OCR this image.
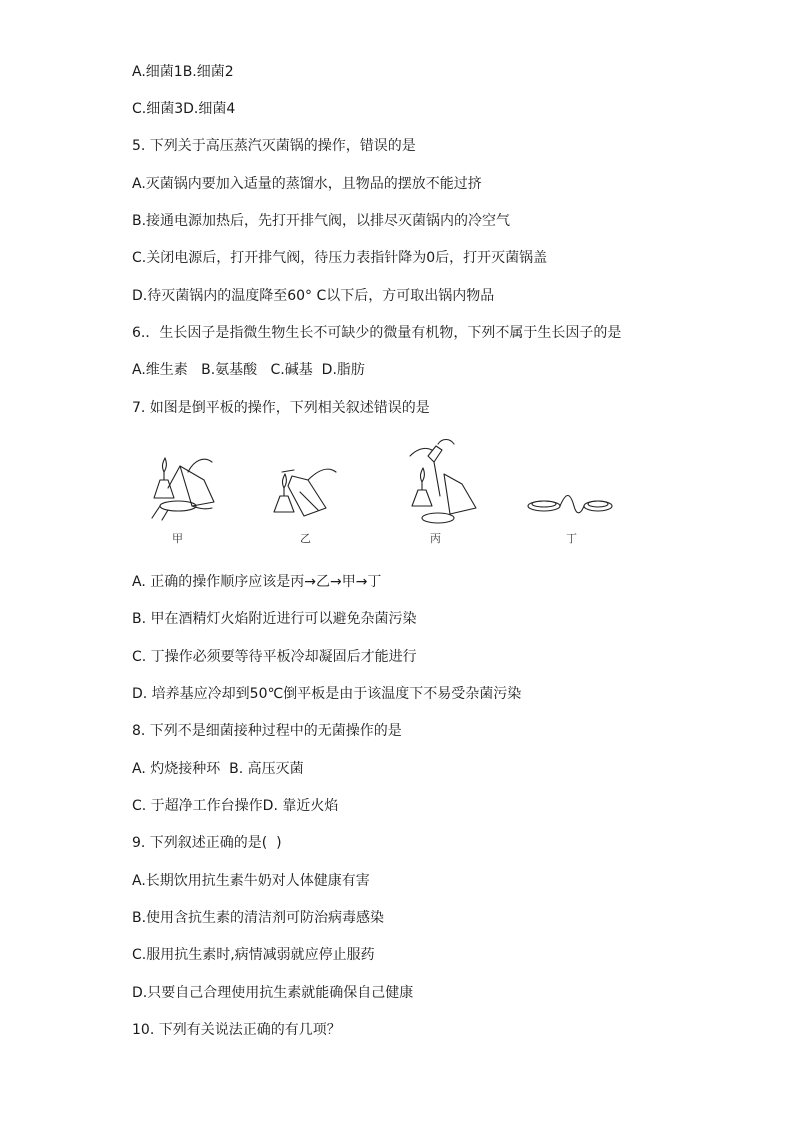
A.细菌1B.细菌2
C.细菌3D.细菌4
5. 下列关于高压蒸汽灭菌锅的操作，错误的是
A.灭菌锅内要加入适量的蒸馏水，且物品的摆放不能过挤
B.接通电源加热后，先打开排气阀，以排尽灭菌锅内的冷空气
C.关闭电源后，打开排气阀，待压力表指针降为0后，打开灭菌锅盖
D.待灭菌锅内的温度降至60° C以下后，方可取出锅内物品
6.．生长因子是指微生物生长不可缺少的微量有机物，下列不属于生长因子的是
A.维生素   B.氨基酸   C.碱基  D.脂肪
7. 如图是倒平板的操作，下列相关叙述错误的是
甲	乙	丙	丁
A. 正确的操作顺序应该是丙→乙→甲→丁
B. 甲在酒精灯火焰附近进行可以避免杂菌污染
C. 丁操作必须要等待平板冷却凝固后才能进行
D. 培养基应冷却到50℃倒平板是由于该温度下不易受杂菌污染
8. 下列不是细菌接种过程中的无菌操作的是
A. 灼烧接种环  B. 高压灭菌
C. 于超净工作台操作D. 靠近火焰
9. 下列叙述正确的是(  )
A.长期饮用抗生素牛奶对人体健康有害
B.使用含抗生素的清洁剂可防治病毒感染
C.服用抗生素时,病情减弱就应停止服药
D.只要自己合理使用抗生素就能确保自己健康
10. 下列有关说法正确的有几项？
